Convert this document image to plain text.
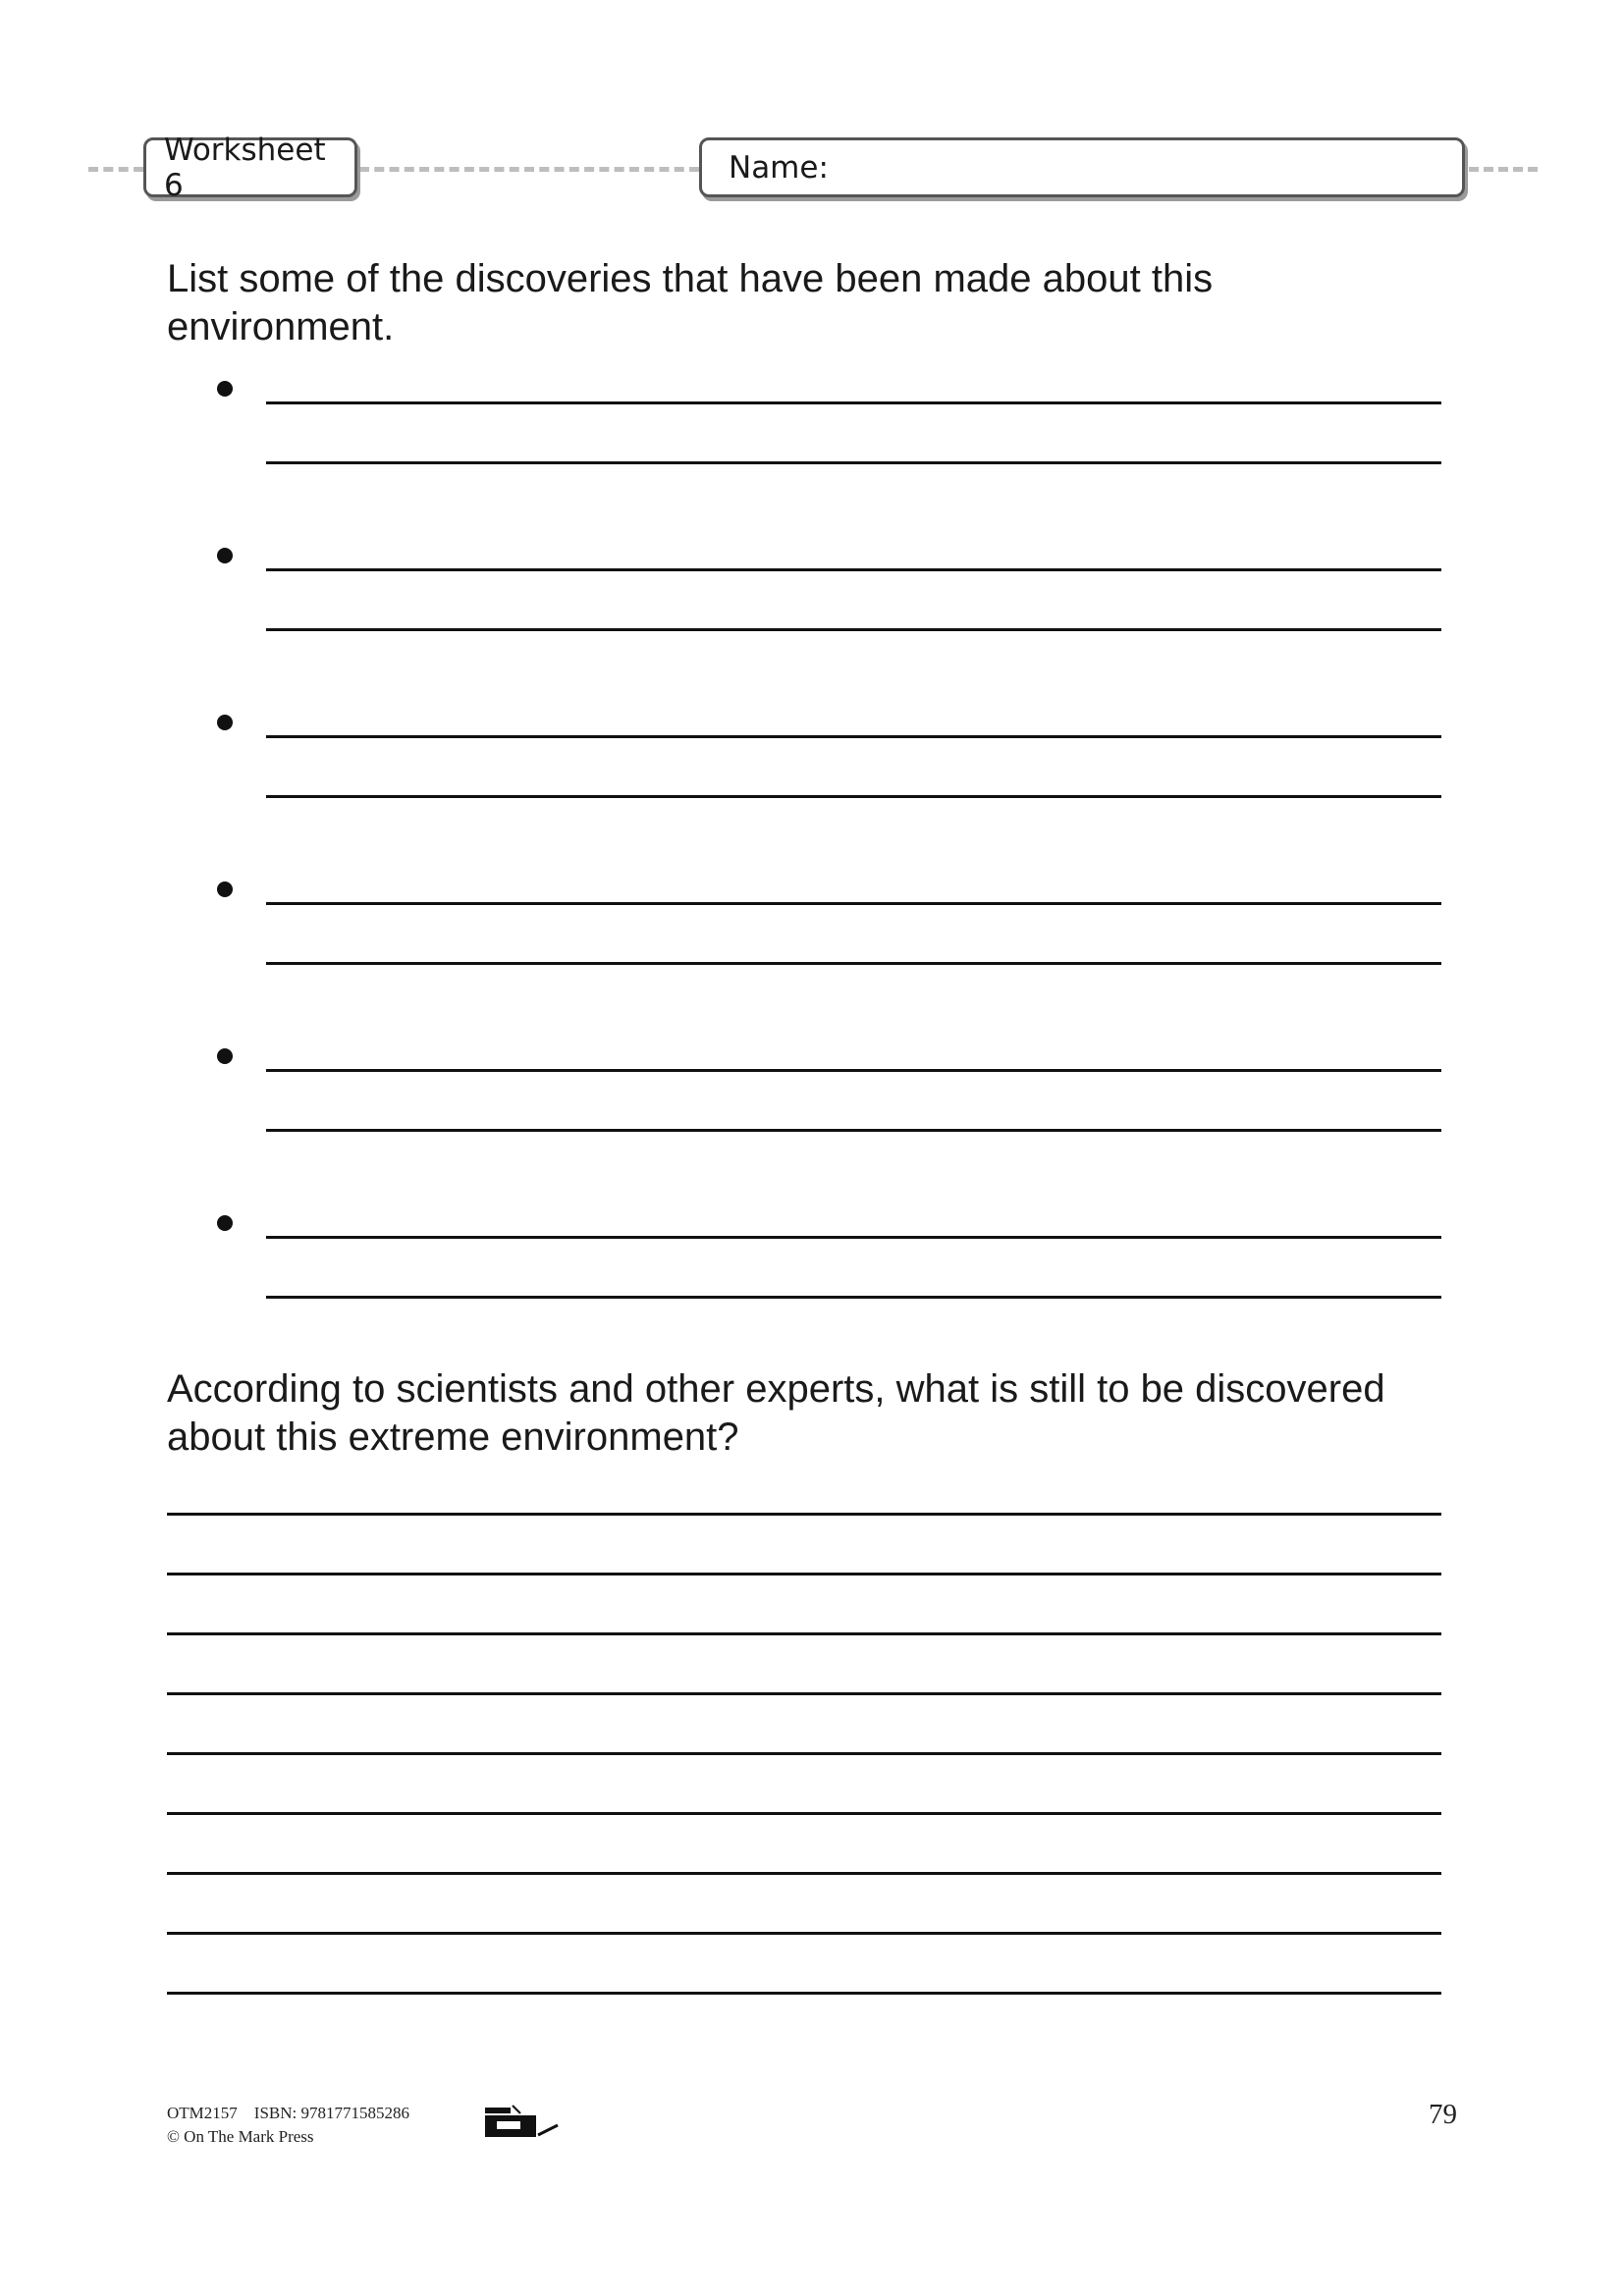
Worksheet 6	Name:

List some of the discoveries that have been made about this environment.

According to scientists and other experts, what is still to be discovered about this extreme environment?

OTM2157    ISBN: 9781771585286
© On The Mark Press
79
